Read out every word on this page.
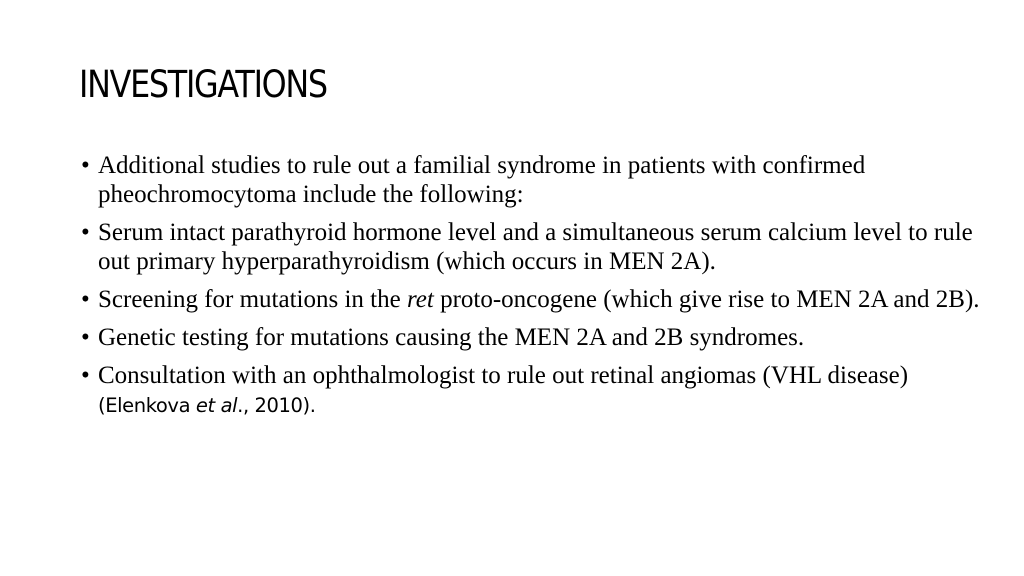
INVESTIGATIONS
• Additional studies to rule out a familial syndrome in patients with confirmed pheochromocytoma include the following:
• Serum intact parathyroid hormone level and a simultaneous serum calcium level to rule out primary hyperparathyroidism (which occurs in MEN 2A).
• Screening for mutations in the ret proto-oncogene (which give rise to MEN 2A and 2B).
• Genetic testing for mutations causing the MEN 2A and 2B syndromes.
• Consultation with an ophthalmologist to rule out retinal angiomas (VHL disease) (Elenkova et al., 2010).
